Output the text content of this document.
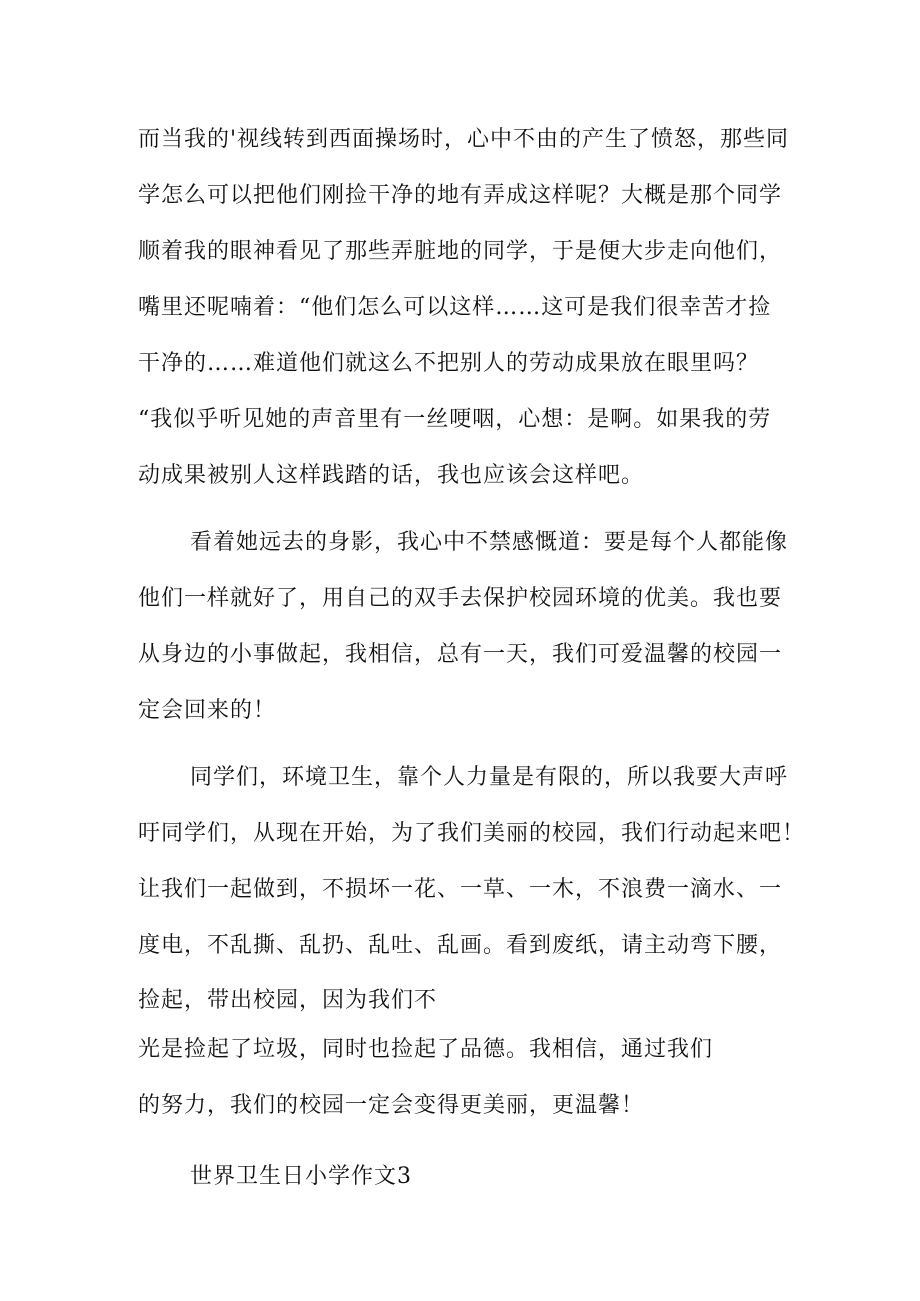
而当我的'视线转到西面操场时，心中不由的产生了愤怒，那些同
学怎么可以把他们刚捡干净的地有弄成这样呢？大概是那个同学
顺着我的眼神看见了那些弄脏地的同学，于是便大步走向他们，
嘴里还呢喃着：“他们怎么可以这样……这可是我们很幸苦才捡
干净的……难道他们就这么不把别人的劳动成果放在眼里吗？
“我似乎听见她的声音里有一丝哽咽，心想：是啊。如果我的劳
动成果被别人这样践踏的话，我也应该会这样吧。
看着她远去的身影，我心中不禁感慨道：要是每个人都能像
他们一样就好了，用自己的双手去保护校园环境的优美。我也要
从身边的小事做起，我相信，总有一天，我们可爱温馨的校园一
定会回来的！
同学们，环境卫生，靠个人力量是有限的，所以我要大声呼
吁同学们，从现在开始，为了我们美丽的校园，我们行动起来吧！
让我们一起做到，不损坏一花、一草、一木，不浪费一滴水、一
度电，不乱撕、乱扔、乱吐、乱画。看到废纸，请主动弯下腰，
捡起，带出校园，因为我们不
光是捡起了垃圾，同时也捡起了品德。我相信，通过我们
的努力，我们的校园一定会变得更美丽，更温馨！
世界卫生日小学作文3
